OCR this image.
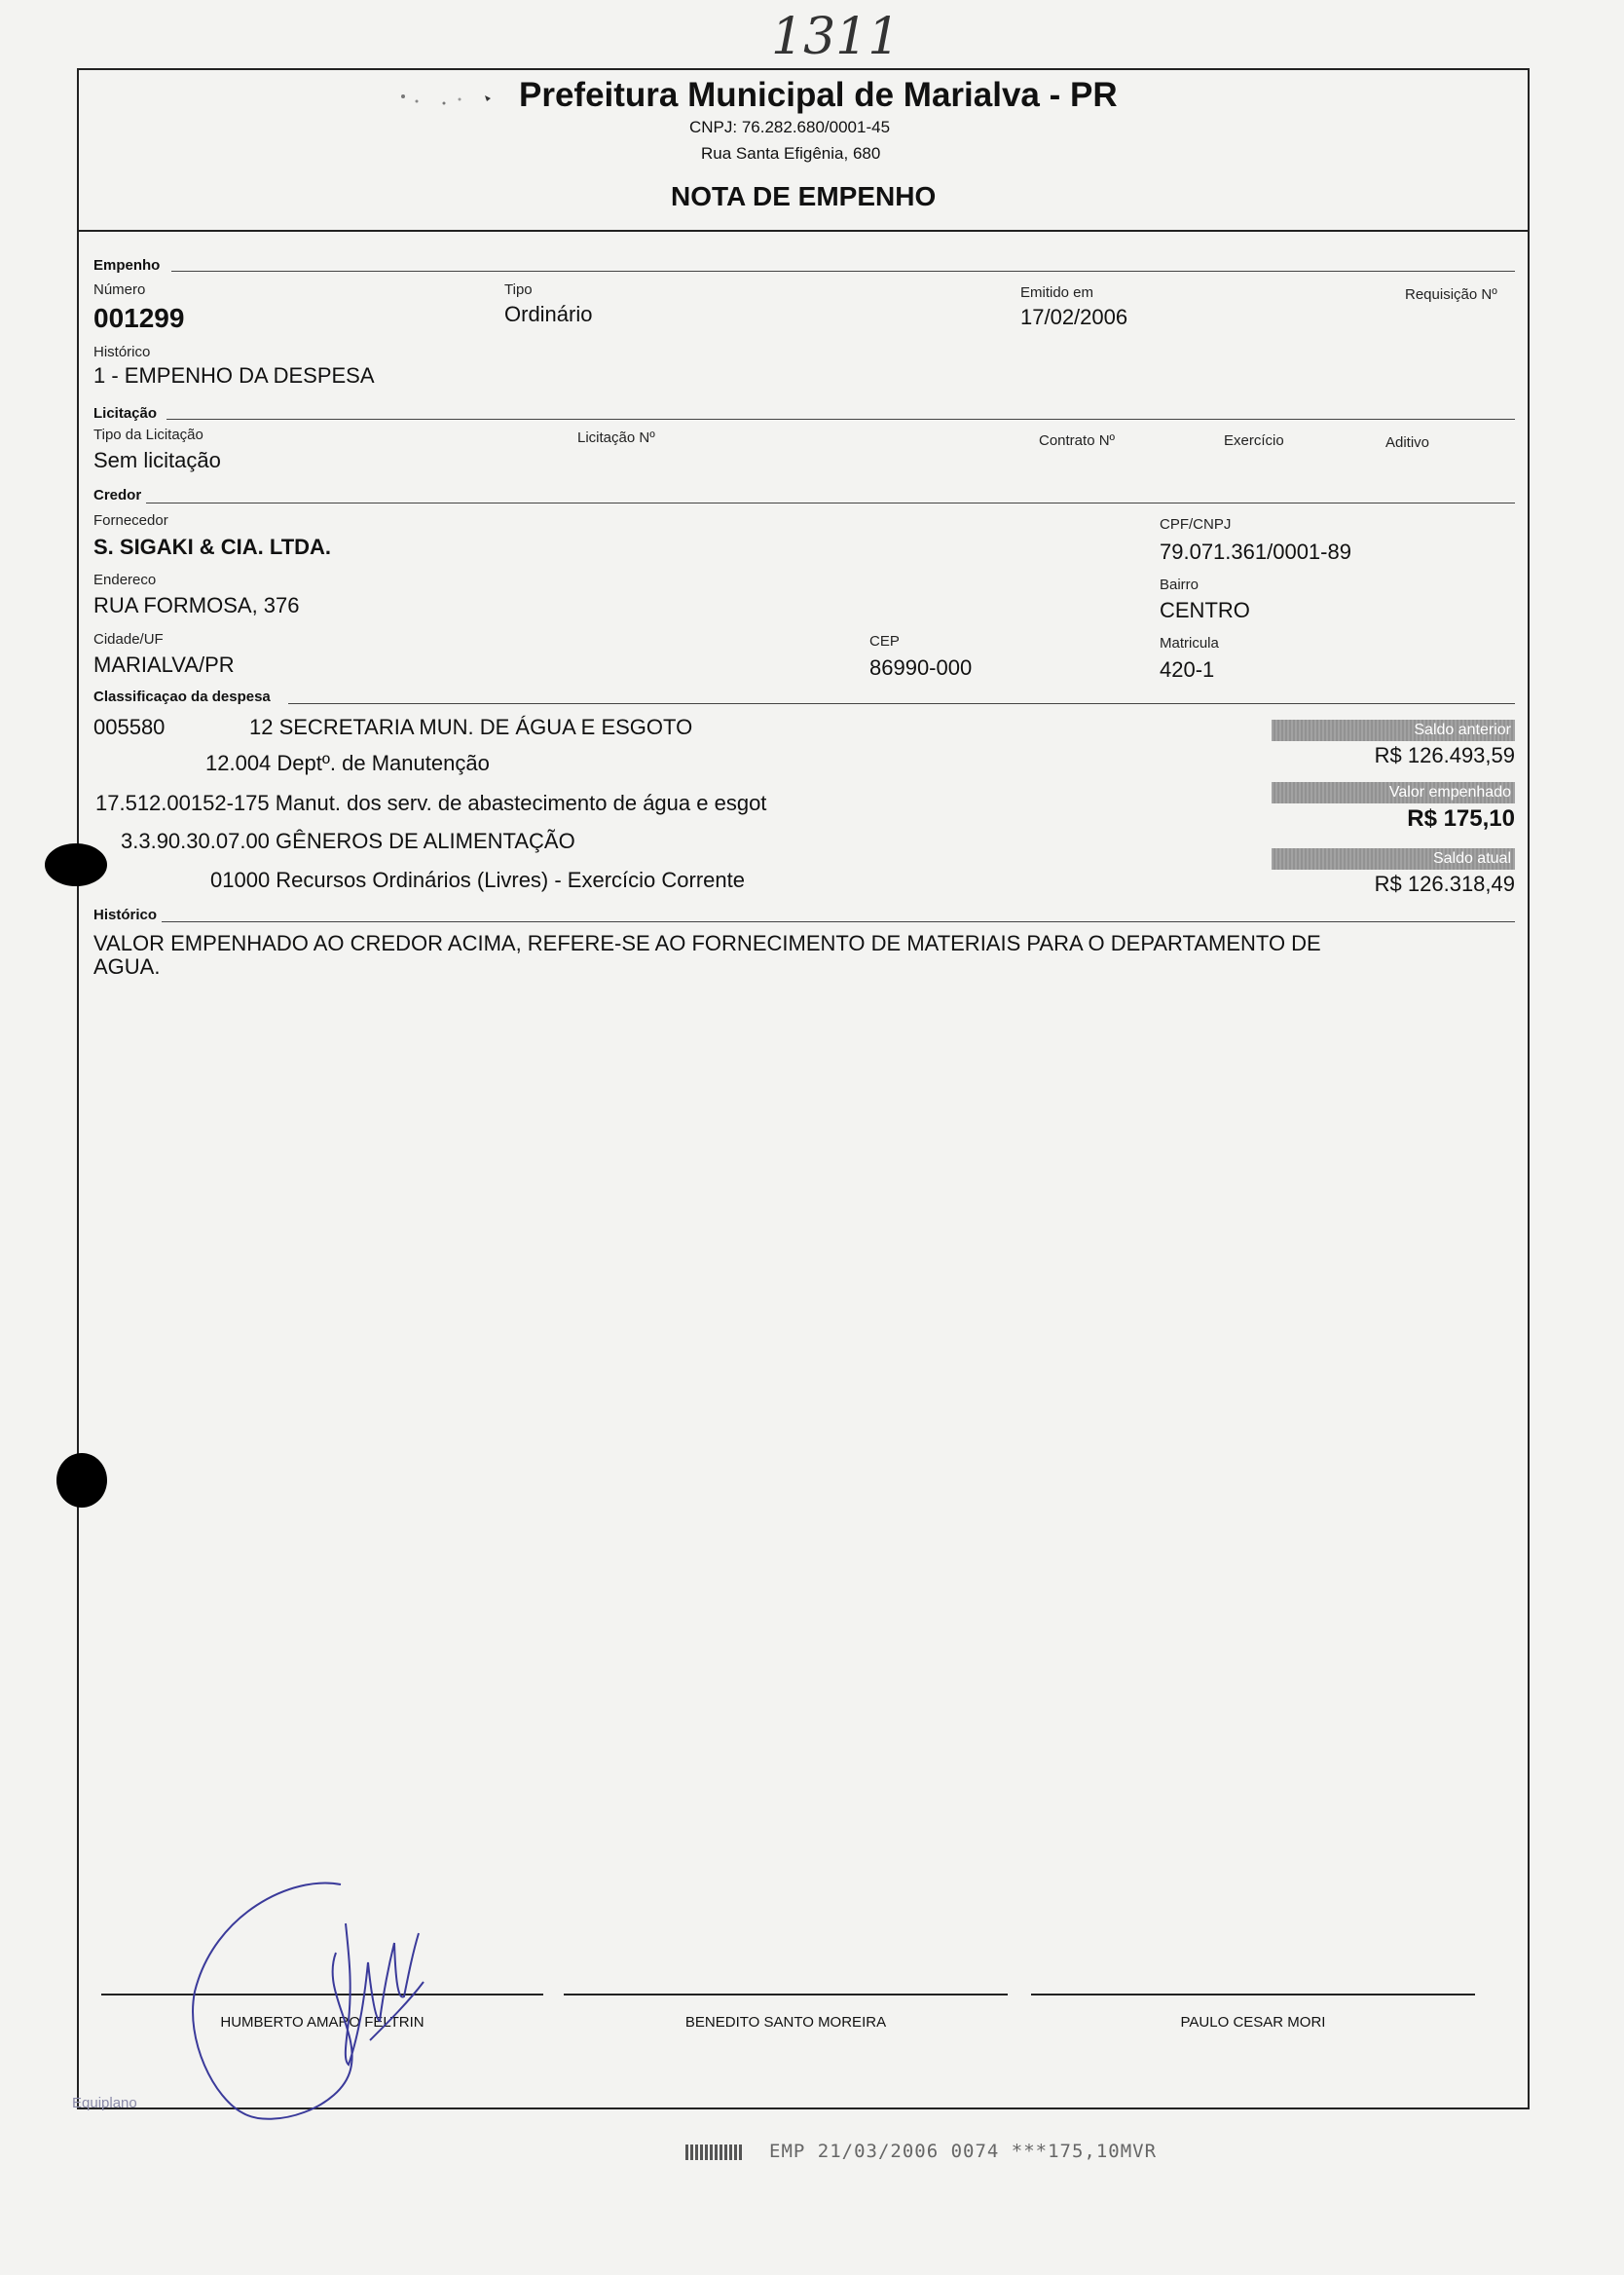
1311
Prefeitura Municipal de Marialva - PR
CNPJ: 76.282.680/0001-45
Rua Santa Efigênia, 680
NOTA DE EMPENHO
Empenho
Número
001299
Tipo
Ordinário
Emitido em
17/02/2006
Requisição Nº
Histórico
1 - EMPENHO DA DESPESA
Licitação
Tipo da Licitação
Sem licitação
Licitação Nº	Contrato Nº	Exercício	Aditivo
Credor
Fornecedor
S. SIGAKI & CIA. LTDA.
CPF/CNPJ
79.071.361/0001-89
Endereco
RUA FORMOSA, 376
Bairro
CENTRO
Cidade/UF
MARIALVA/PR
CEP
86990-000
Matricula
420-1
Classificaçao da despesa
005580	12 SECRETARIA MUN. DE ÁGUA E ESGOTO
12.004 Deptº. de Manutenção
17.512.00152-175 Manut. dos serv. de abastecimento de água e esgot
3.3.90.30.07.00 GÊNEROS DE ALIMENTAÇÃO
01000 Recursos Ordinários (Livres) - Exercício Corrente
Saldo anterior
R$ 126.493,59
Valor empenhado
R$ 175,10
Saldo atual
R$ 126.318,49
Histórico
VALOR EMPENHADO AO CREDOR ACIMA, REFERE-SE AO FORNECIMENTO DE MATERIAIS PARA O DEPARTAMENTO DE
AGUA.
HUMBERTO AMARO FELTRIN	BENEDITO SANTO MOREIRA	PAULO CESAR MORI
Equiplano
EMP 21/03/2006 0074 ***175,10MVR
